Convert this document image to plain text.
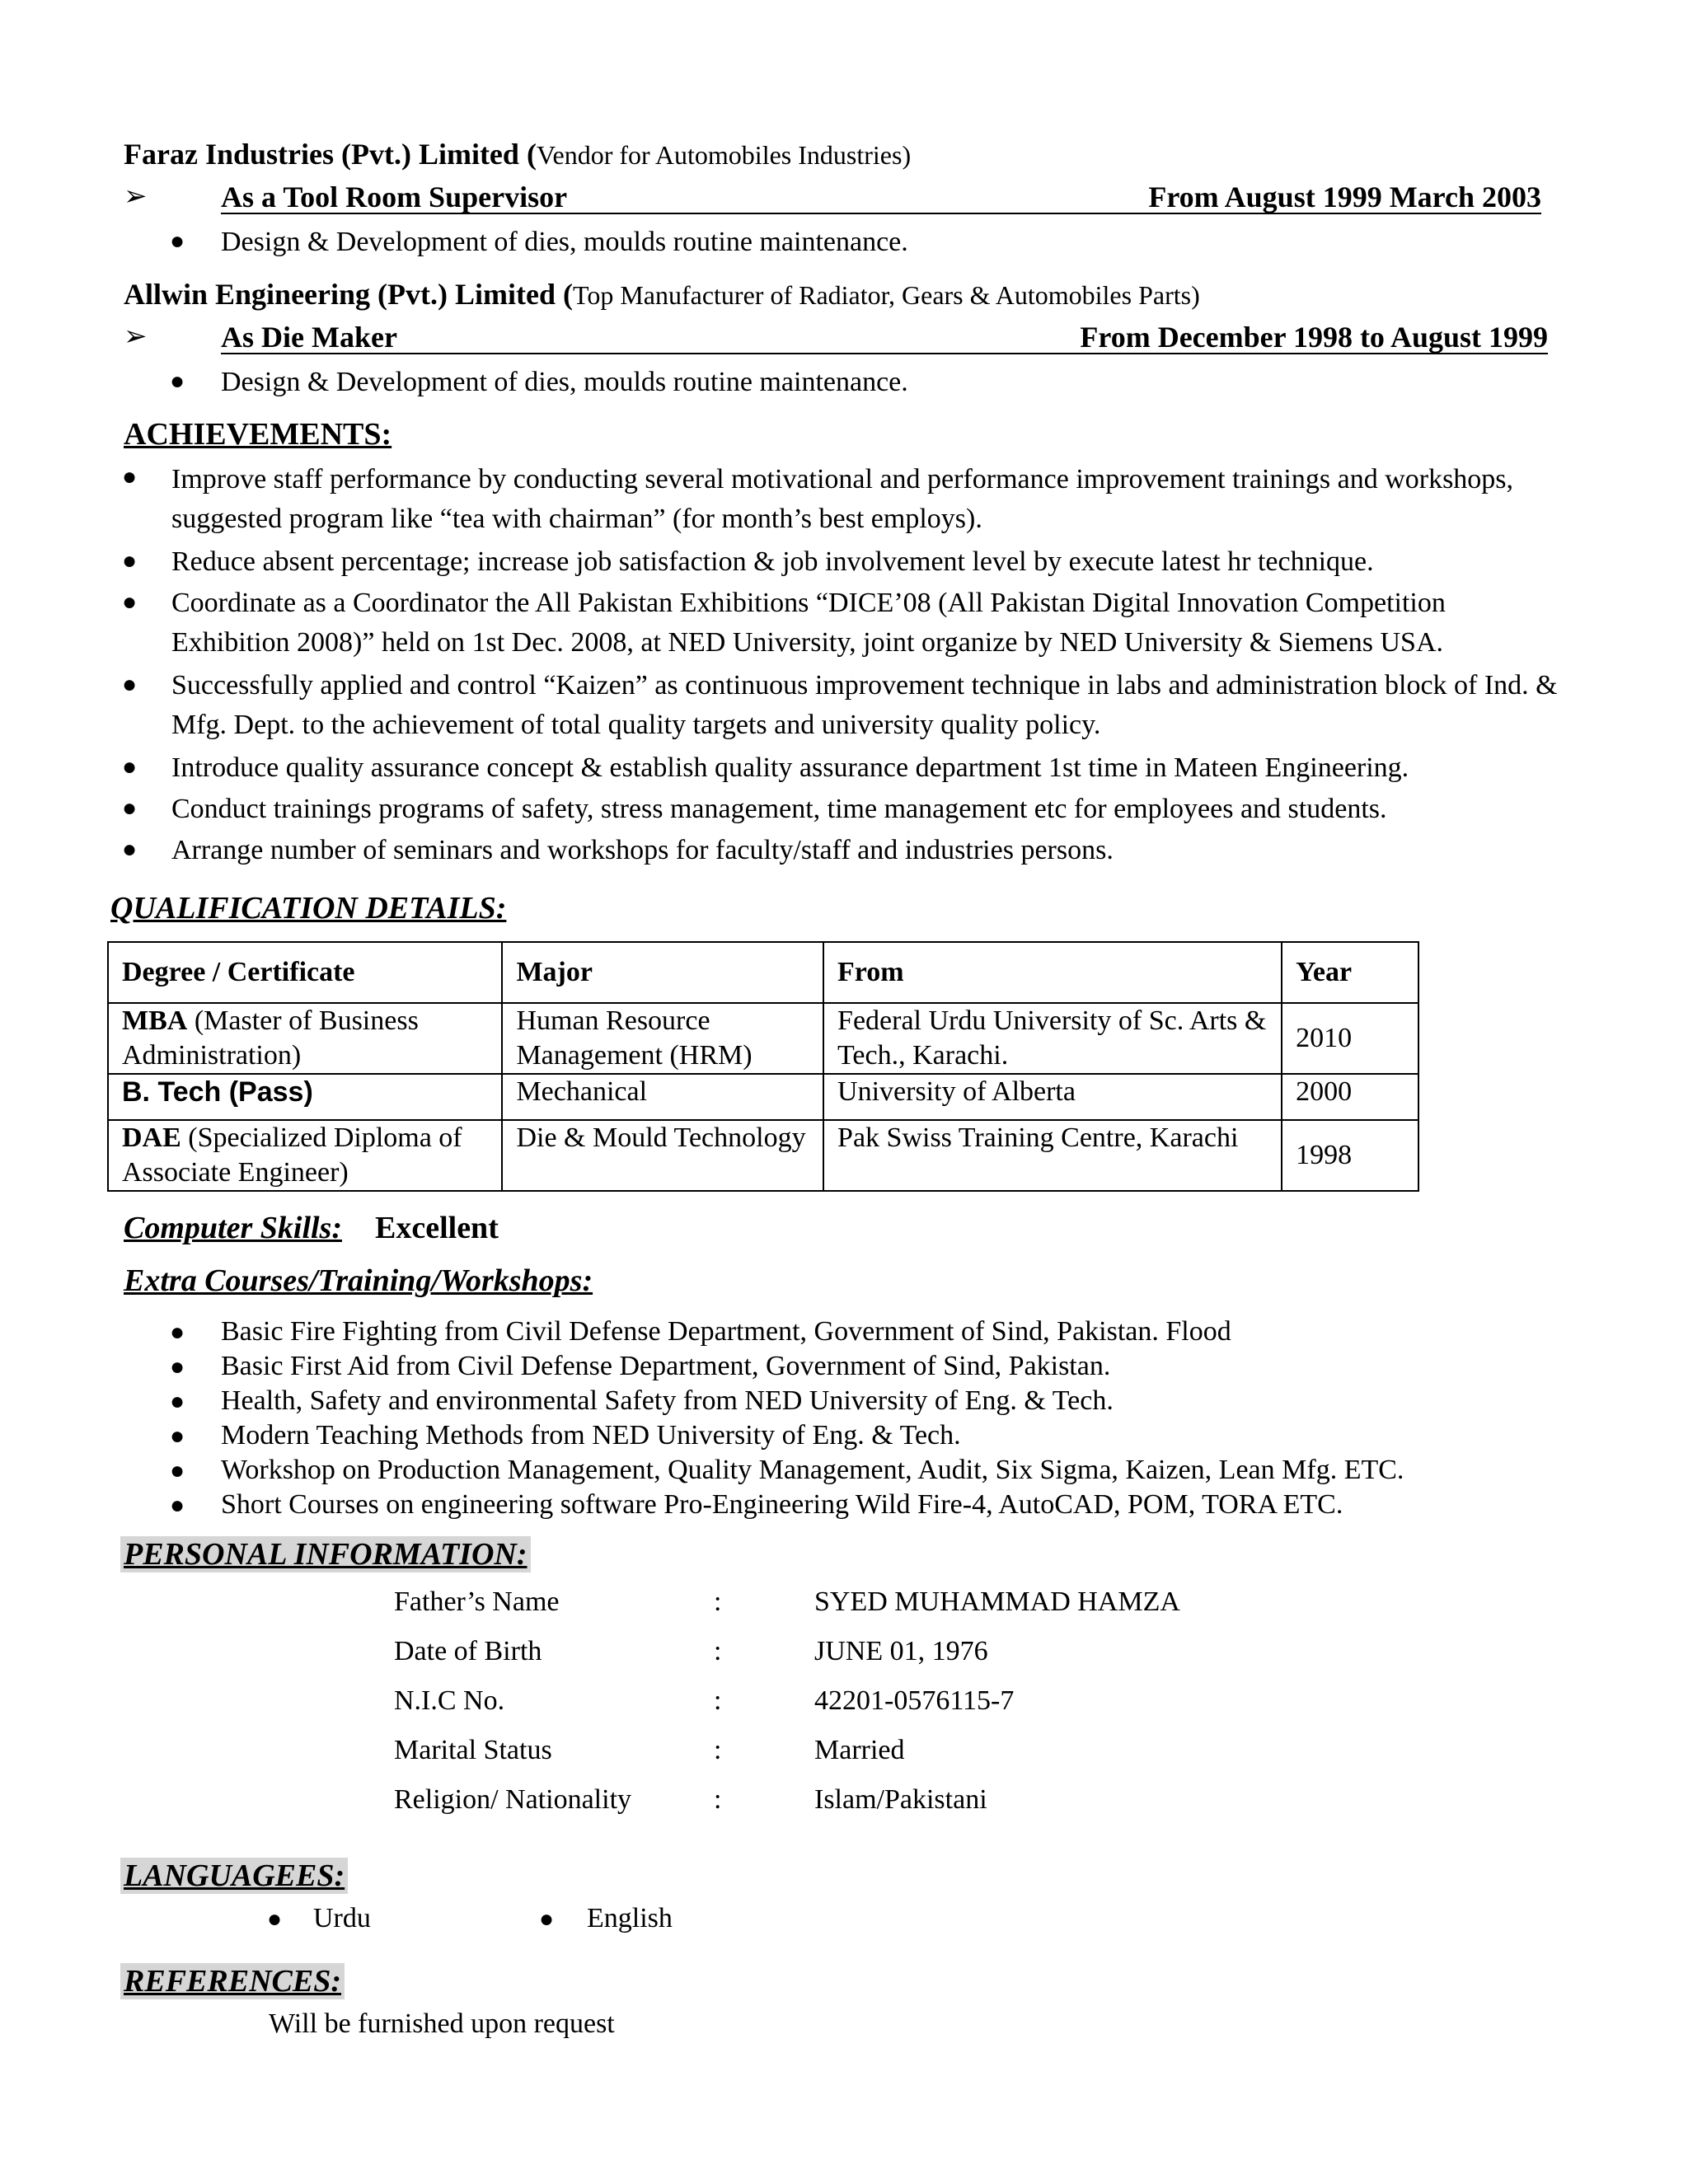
Faraz Industries (Pvt.) Limited (Vendor for Automobiles Industries)
➢ As a Tool Room Supervisor	From August 1999 March 2003
● Design & Development of dies, moulds routine maintenance.
Allwin Engineering (Pvt.) Limited (Top Manufacturer of Radiator, Gears & Automobiles Parts)
➢ As Die Maker	From December 1998 to August 1999
● Design & Development of dies, moulds routine maintenance.
ACHIEVEMENTS:
● Improve staff performance by conducting several motivational and performance improvement trainings and workshops, suggested program like “tea with chairman” (for month’s best employs).
● Reduce absent percentage; increase job satisfaction & job involvement level by execute latest hr technique.
● Coordinate as a Coordinator the All Pakistan Exhibitions “DICE’08 (All Pakistan Digital Innovation Competition Exhibition 2008)” held on 1st Dec. 2008, at NED University, joint organize by NED University & Siemens USA.
● Successfully applied and control “Kaizen” as continuous improvement technique in labs and administration block of Ind. & Mfg. Dept. to the achievement of total quality targets and university quality policy.
● Introduce quality assurance concept & establish quality assurance department 1st time in Mateen Engineering.
● Conduct trainings programs of safety, stress management, time management etc for employees and students.
● Arrange number of seminars and workshops for faculty/staff and industries persons.
QUALIFICATION DETAILS:
Degree / Certificate	Major	From	Year
MBA (Master of Business Administration)	Human Resource Management (HRM)	Federal Urdu University of Sc. Arts & Tech., Karachi.	2010
B. Tech (Pass)	Mechanical	University of Alberta	2000
DAE (Specialized Diploma of Associate Engineer)	Die & Mould Technology	Pak Swiss Training Centre, Karachi	1998
Computer Skills: Excellent
Extra Courses/Training/Workshops:
● Basic Fire Fighting from Civil Defense Department, Government of Sind, Pakistan. Flood
● Basic First Aid from Civil Defense Department, Government of Sind, Pakistan.
● Health, Safety and environmental Safety from NED University of Eng. & Tech.
● Modern Teaching Methods from NED University of Eng. & Tech.
● Workshop on Production Management, Quality Management, Audit, Six Sigma, Kaizen, Lean Mfg. ETC.
● Short Courses on engineering software Pro-Engineering Wild Fire-4, AutoCAD, POM, TORA ETC.
PERSONAL INFORMATION:
Father’s Name	:	SYED MUHAMMAD HAMZA
Date of Birth	:	JUNE 01, 1976
N.I.C No.	:	42201-0576115-7
Marital Status	:	Married
Religion/ Nationality	:	Islam/Pakistani
LANGUAGEES:
● Urdu	● English
REFERENCES:
Will be furnished upon request
